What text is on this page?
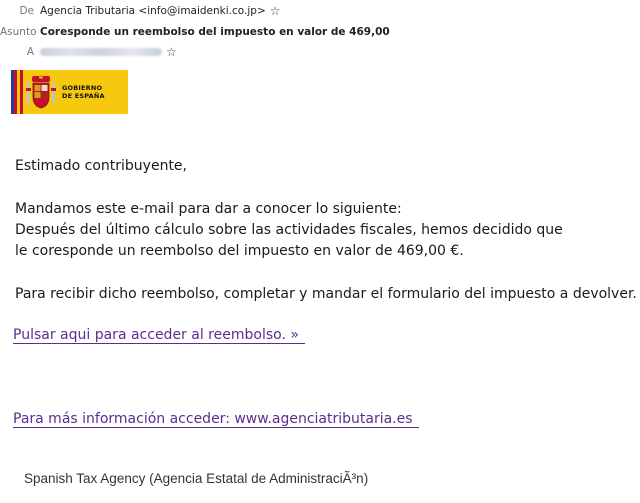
De Agencia Tributaria <info@imaidenki.co.jp> ☆
Asunto Coresponde un reembolso del impuesto en valor de 469,00
A	☆
GOBIERNO
DE ESPAÑA
Estimado contribuyente,
Mandamos este e-mail para dar a conocer lo siguiente:
Después del último cálculo sobre las actividades fiscales, hemos decidido que
le coresponde un reembolso del impuesto en valor de 469,00 €.
Para recibir dicho reembolso, completar y mandar el formulario del impuesto a devolver.
Pulsar aqui para acceder al reembolso. »
Para más información acceder: www.agenciatributaria.es
Spanish Tax Agency (Agencia Estatal de AdministraciÃ³n)
